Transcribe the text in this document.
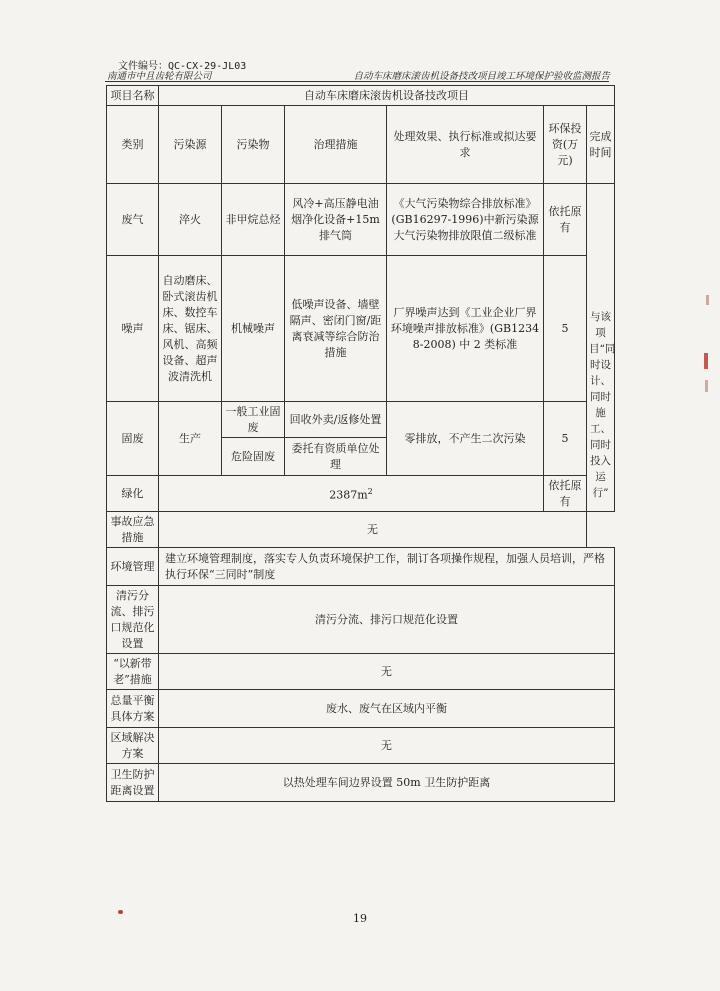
文件编号：QC-CX-29-JL03
南通市中且齿轮有限公司	自动车床磨床滚齿机设备技改项目竣工环境保护验收监测报告
项目名称	自动车床磨床滚齿机设备技改项目					
类别	污染源	污染物	治理措施	处理效果、执行标准或拟达要求	环保投资(万元)	完成时间
废气	淬火	非甲烷总烃	风冷+高压静电油烟净化设备+15m排气筒	《大气污染物综合排放标准》(GB16297-1996)中新污染源大气污染物排放限值二级标准	依托原有	与该项目“同时设计、同时施工、同时投入运行”
噪声	自动磨床、卧式滚齿机床、数控车床、锯床、风机、高频设备、超声波清洗机	机械噪声	低噪声设备、墙壁隔声、密闭门窗/距离衰减等综合防治措施	厂界噪声达到《工业企业厂界环境噪声排放标准》(GB12348-2008) 中 2 类标准	5	
固废	生产	一般工业固废	回收外卖/返修处置	零排放，不产生二次污染	5	
		危险固废	委托有资质单位处理			
绿化	$2387m^2$				依托原有	
事故应急措施	无					
环境管理	建立环境管理制度，落实专人负责环境保护工作，制订各项操作规程，加强人员培训，严格执行环保“三同时”制度					
清污分流、排污口规范化设置	清污分流、排污口规范化设置					
“以新带老”措施	无					
总量平衡具体方案	废水、废气在区域内平衡					
区域解决方案	无					
卫生防护距离设置	以热处理车间边界设置 50m 卫生防护距离					
19
